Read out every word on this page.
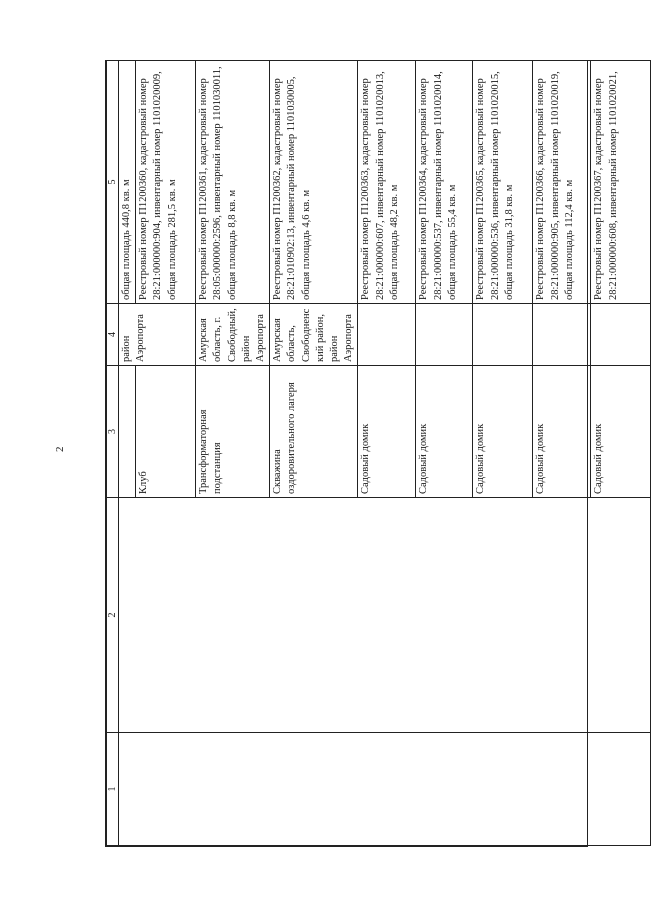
2
1	2	3	4	5
			район Аэропорта	общая площадь 440,8 кв. м
		Клуб		Реестровый номер П1200360, кадастровый номер 28:21:000000:904, инвентарный номер 1101020009, общая площадь 281,5 кв. м
		Трансформаторная подстанция	Амурская область, г. Свободный, район Аэропорта	Реестровый номер П1200361, кадастровый номер 28:05:000000:2596, инвентарный номер 1101030011, общая площадь 8,8 кв. м
		Скважина оздоровительного лагеря	Амурская область, Свободненский район, район Аэропорта	Реестровый номер П1200362, кадастровый номер 28:21:010902:13, инвентарный номер 1101030005, общая площадь 4,6 кв. м
		Садовый домик		Реестровый номер П1200363, кадастровый номер 28:21:000000:607, инвентарный номер 1101020013, общая площадь 48,2 кв. м
		Садовый домик		Реестровый номер П1200364, кадастровый номер 28:21:000000:537, инвентарный номер 1101020014, общая площадь 55,4 кв. м
		Садовый домик		Реестровый номер П1200365, кадастровый номер 28:21:000000:536, инвентарный номер 1101020015, общая площадь 31,8 кв. м
		Садовый домик		Реестровый номер П1200366, кадастровый номер 28:21:000000:905, инвентарный номер 1101020019, общая площадь 112,4 кв. м
		Садовый домик		Реестровый номер П1200367, кадастровый номер 28:21:000000:608, инвентарный номер 1101020021,
